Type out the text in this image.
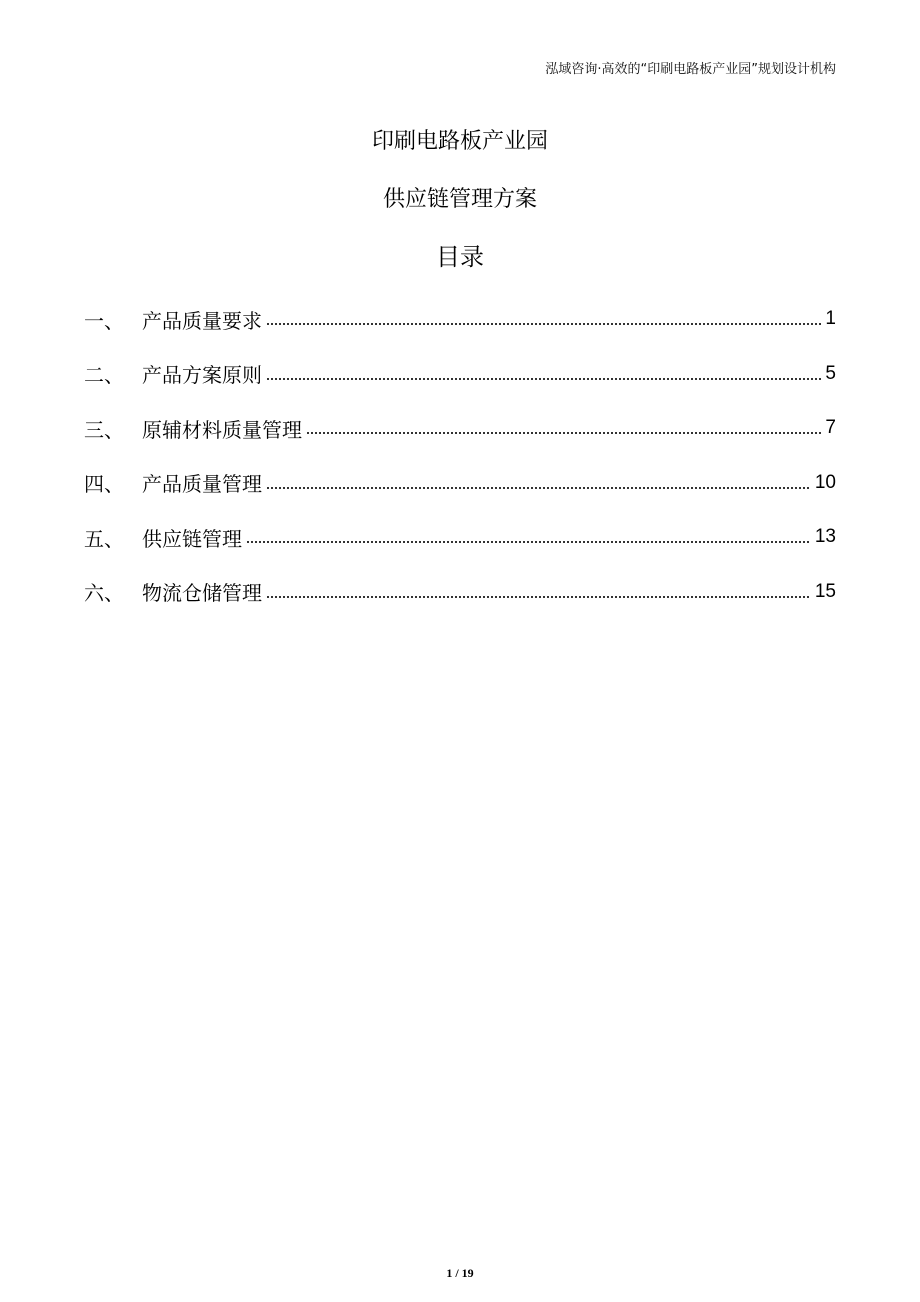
泓域咨询·高效的“印刷电路板产业园”规划设计机构
印刷电路板产业园
供应链管理方案
目录
一、 产品质量要求	1
二、 产品方案原则	5
三、 原辅材料质量管理	7
四、 产品质量管理	10
五、 供应链管理	13
六、 物流仓储管理	15
1 / 19
